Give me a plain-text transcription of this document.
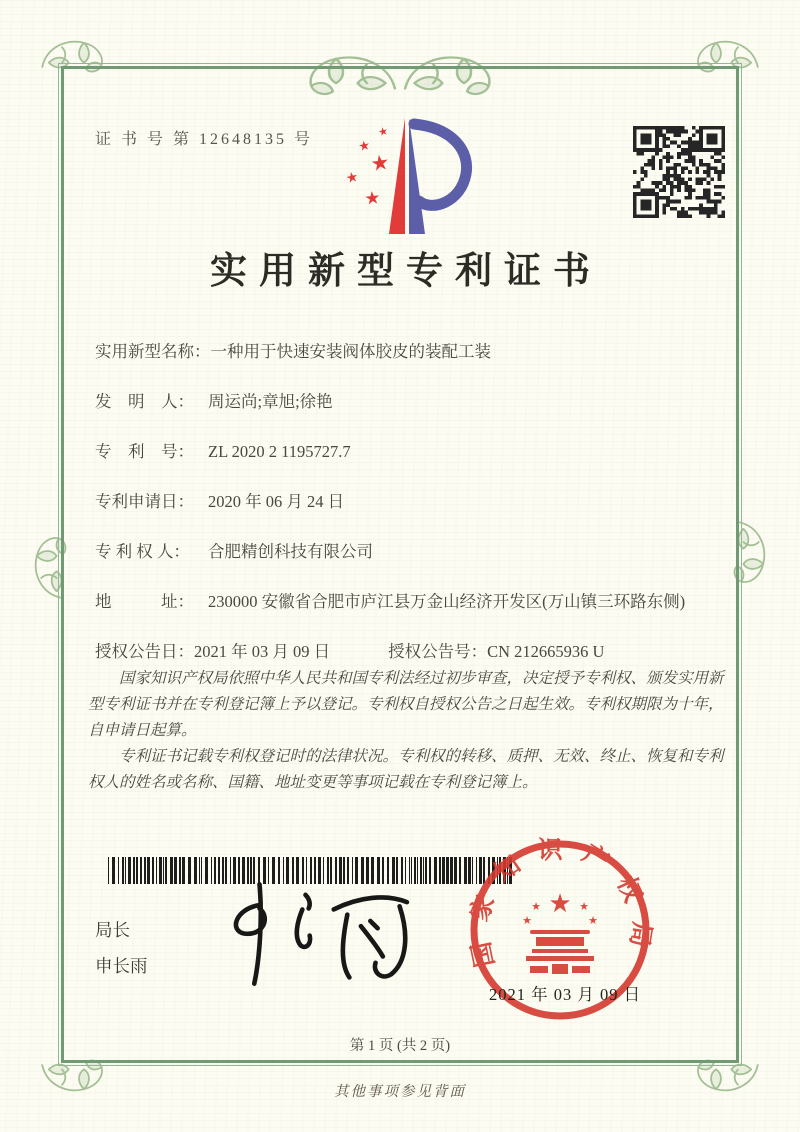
证 书 号 第 12648135 号	★
★
★
★
★
实用新型专利证书
实用新型名称： 一种用于快速安装阀体胶皮的装配工装
发　明　人： 周运尚;章旭;徐艳
专　利　号： ZL 2020 2 1195727.7
专利申请日： 2020 年 06 月 24 日
专 利 权 人：	合肥精创科技有限公司
地　　　址： 230000 安徽省合肥市庐江县万金山经济开发区(万山镇三环路东侧)
授权公告日：2021 年 03 月 09 日	授权公告号：CN 212665936 U

国家知识产权局依照中华人民共和国专利法经过初步审查，决定授予专利权、颁发实用新型专利证书并在专利登记簿上予以登记。专利权自授权公告之日起生效。专利权期限为十年，自申请日起算。

专利证书记载专利权登记时的法律状况。专利权的转移、质押、无效、终止、恢复和专利权人的姓名或名称、国籍、地址变更等事项记载在专利登记簿上。

局长
申长雨	国家知识产权局
★
★
★
★
★
2021 年 03 月 09 日
第 1 页 (共 2 页)
其他事项参见背面
